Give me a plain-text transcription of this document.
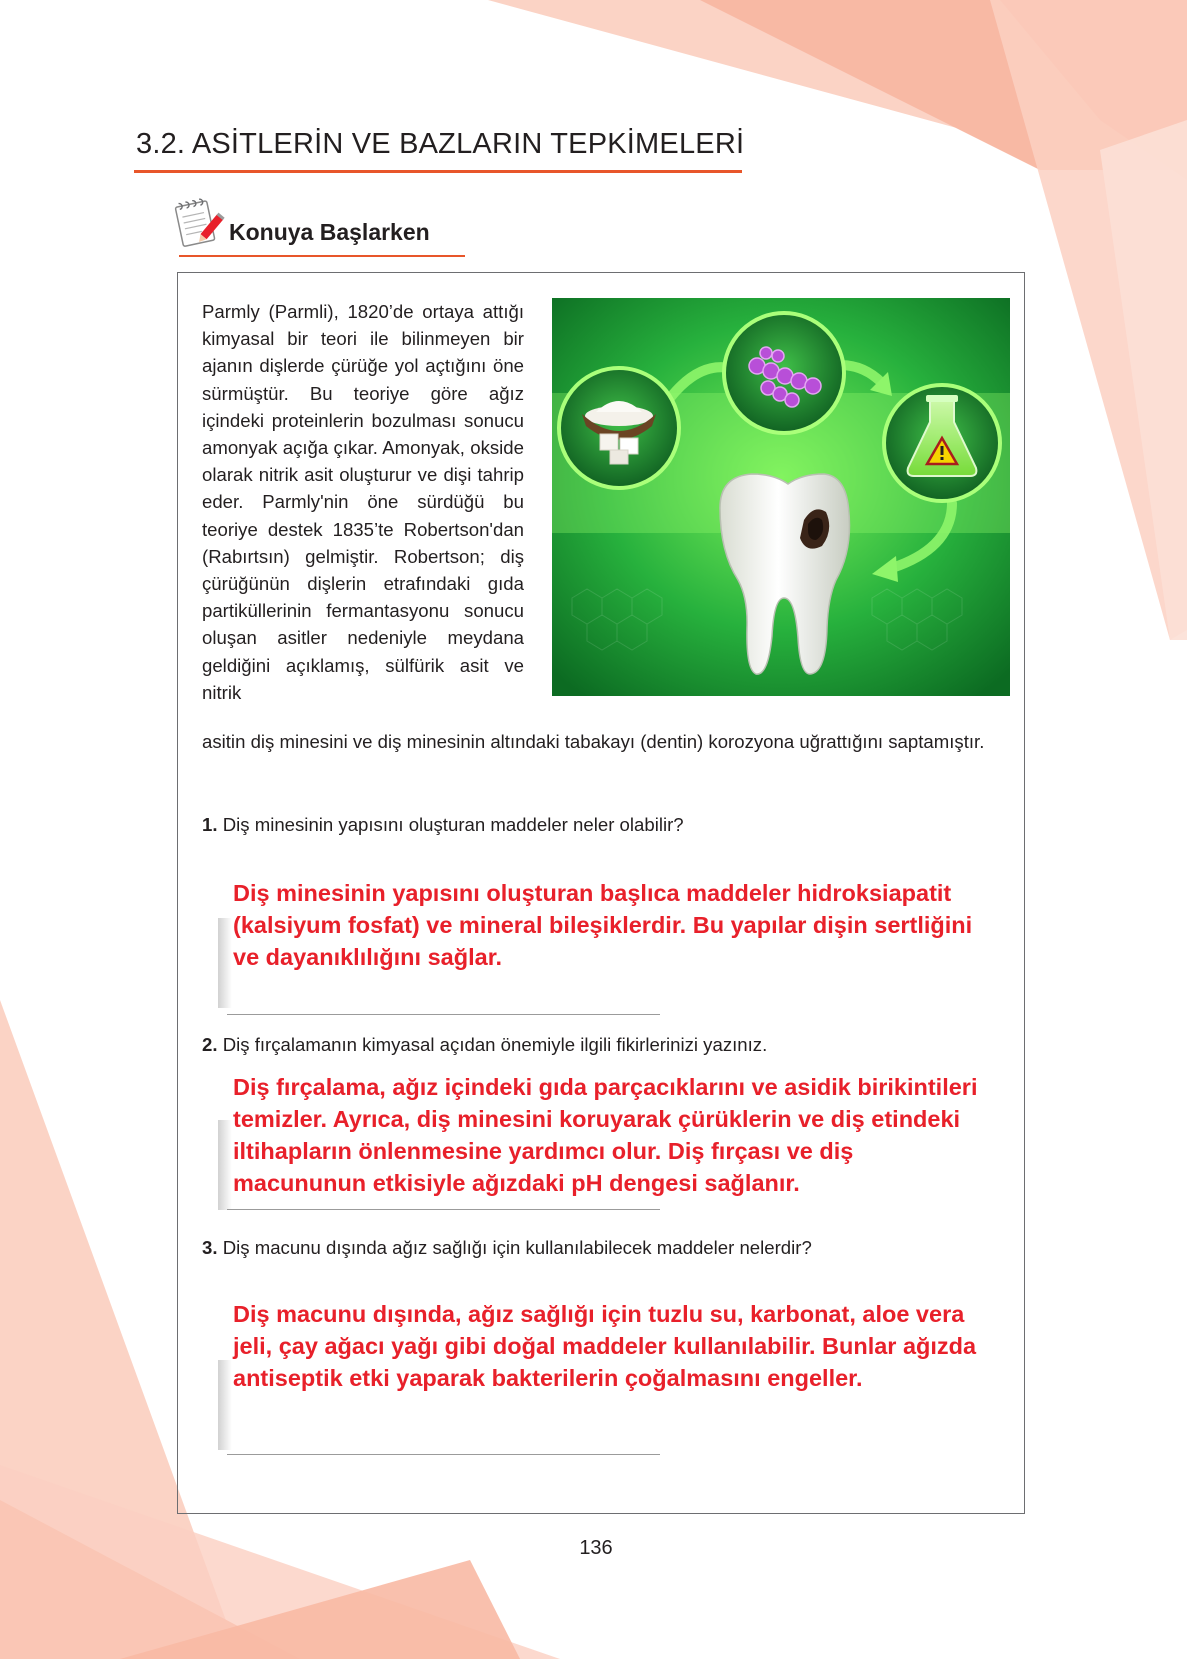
3.2. ASİTLERİN VE BAZLARIN TEPKİMELERİ
Konuya Başlarken

Parmly (Parmli), 1820’de ortaya attığı kimyasal bir teori ile bilinmeyen bir ajanın dişlerde çürüğe yol açtığını öne sürmüştür. Bu teoriye göre ağız içindeki proteinlerin bozulması sonucu amonyak açığa çıkar. Amonyak, okside olarak nitrik asit oluşturur ve dişi tahrip eder. Parmly'nin öne sürdüğü bu teoriye destek 1835’te Robertson'dan (Rabırtsın) gelmiştir. Robertson; diş çürüğünün dişlerin etrafındaki gıda partiküllerinin fermantasyonu sonucu oluşan asitler nedeniyle meydana geldiğini açıklamış, sülfürik asit ve nitrik

asitin diş minesini ve diş minesinin altındaki tabakayı (dentin) korozyona uğrattığını saptamıştır.

1. Diş minesinin yapısını oluşturan maddeler neler olabilir?

Diş minesinin yapısını oluşturan başlıca maddeler hidroksiapatit (kalsiyum fosfat) ve mineral bileşiklerdir. Bu yapılar dişin sertliğini ve dayanıklılığını sağlar.

2. Diş fırçalamanın kimyasal açıdan önemiyle ilgili fikirlerinizi yazınız.

Diş fırçalama, ağız içindeki gıda parçacıklarını ve asidik birikintileri temizler. Ayrıca, diş minesini koruyarak çürüklerin ve diş etindeki iltihapların önlenmesine yardımcı olur. Diş fırçası ve diş macununun etkisiyle ağızdaki pH dengesi sağlanır.

3. Diş macunu dışında ağız sağlığı için kullanılabilecek maddeler nelerdir?

Diş macunu dışında, ağız sağlığı için tuzlu su, karbonat, aloe vera jeli, çay ağacı yağı gibi doğal maddeler kullanılabilir. Bunlar ağızda antiseptik etki yaparak bakterilerin çoğalmasını engeller.

136
